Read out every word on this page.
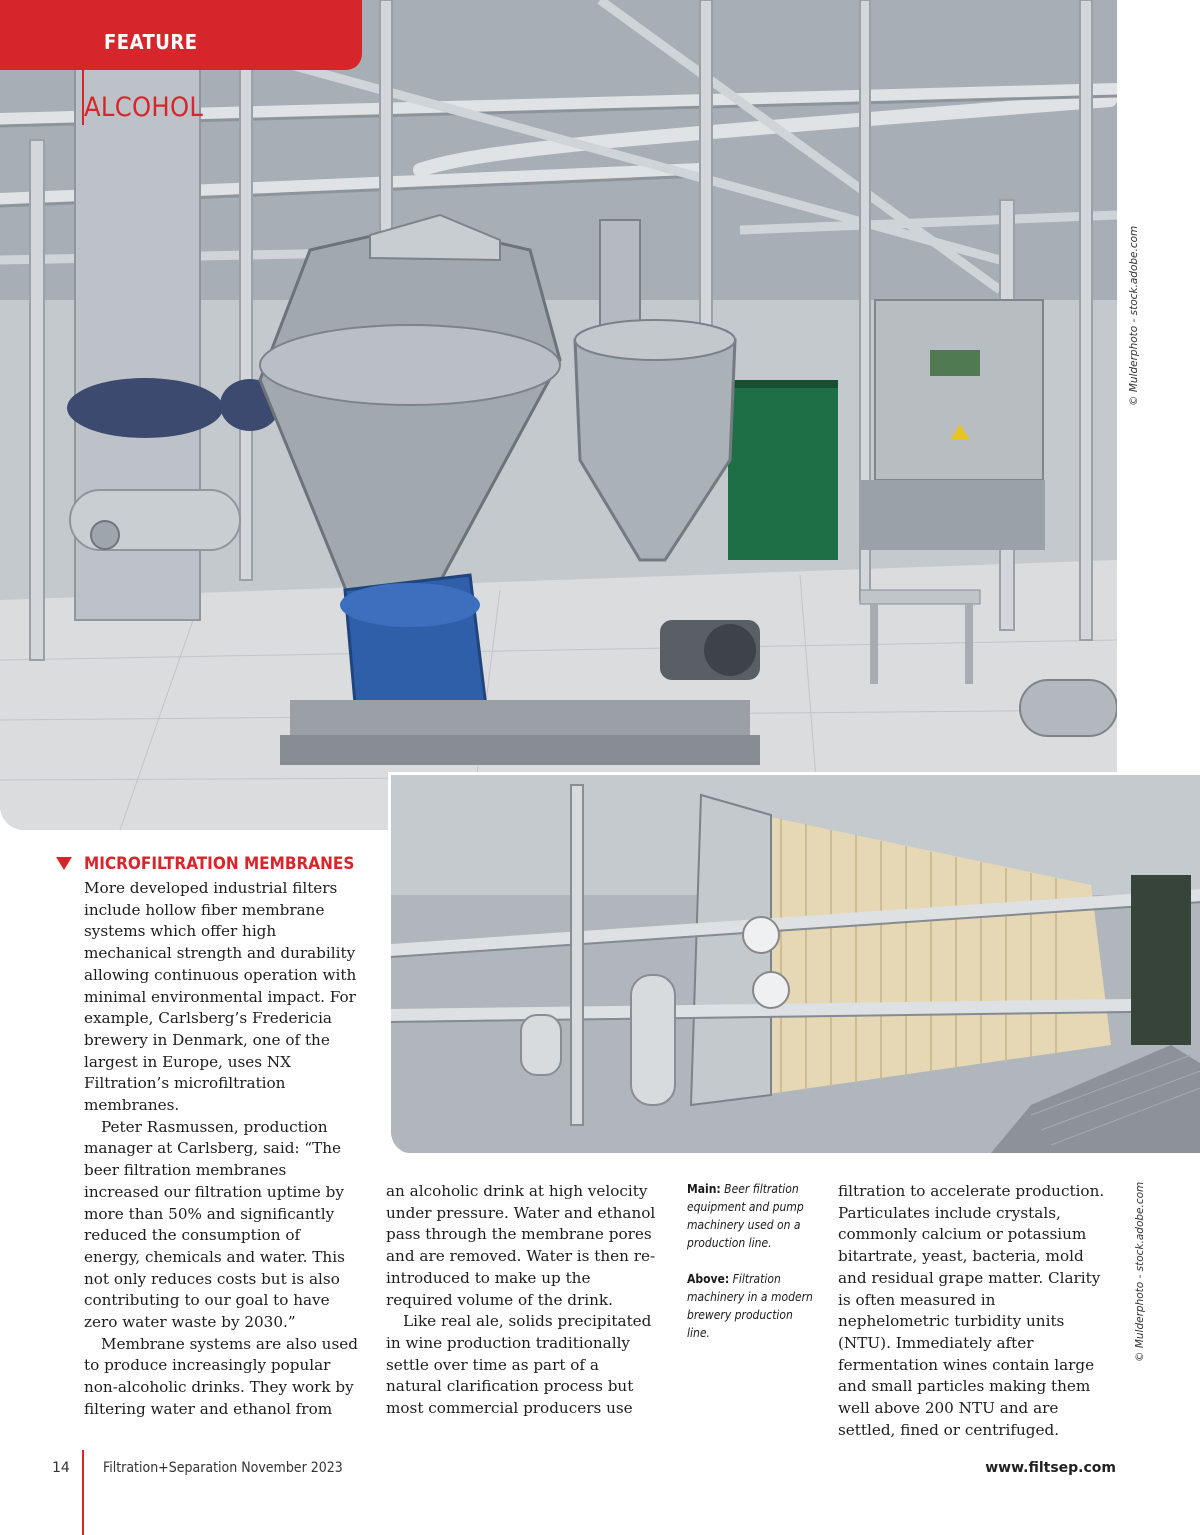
FEATURE
ALCOHOL
© Mulderphoto - stock.adobe.com
© Mulderphoto - stock.adobe.com
MICROFILTRATION MEMBRANES

More developed industrial filters include hollow fiber membrane systems which offer high mechanical strength and durability allowing continuous operation with minimal environmental impact. For example, Carlsberg’s Fredericia brewery in Denmark, one of the largest in Europe, uses NX Filtration’s microfiltration membranes.

Peter Rasmussen, production manager at Carlsberg, said: “The beer filtration membranes increased our filtration uptime by more than 50% and significantly reduced the consumption of energy, chemicals and water. This not only reduces costs but is also contributing to our goal to have zero water waste by 2030.”

Membrane systems are also used to produce increasingly popular non-alcoholic drinks. They work by filtering water and ethanol from

an alcoholic drink at high velocity under pressure. Water and ethanol pass through the membrane pores and are removed. Water is then re-introduced to make up the required volume of the drink.

Like real ale, solids precipitated in wine production traditionally settle over time as part of a natural clarification process but most commercial producers use

Main: Beer filtration equipment and pump machinery used on a production line.

Above: Filtration machinery in a modern brewery production line.

filtration to accelerate production. Particulates include crystals, commonly calcium or potassium bitartrate, yeast, bacteria, mold and residual grape matter. Clarity is often measured in nephelometric turbidity units (NTU). Immediately after fermentation wines contain large and small particles making them well above 200 NTU and are settled, fined or centrifuged.

14 Filtration+Separation November 2023	www.filtsep.com
